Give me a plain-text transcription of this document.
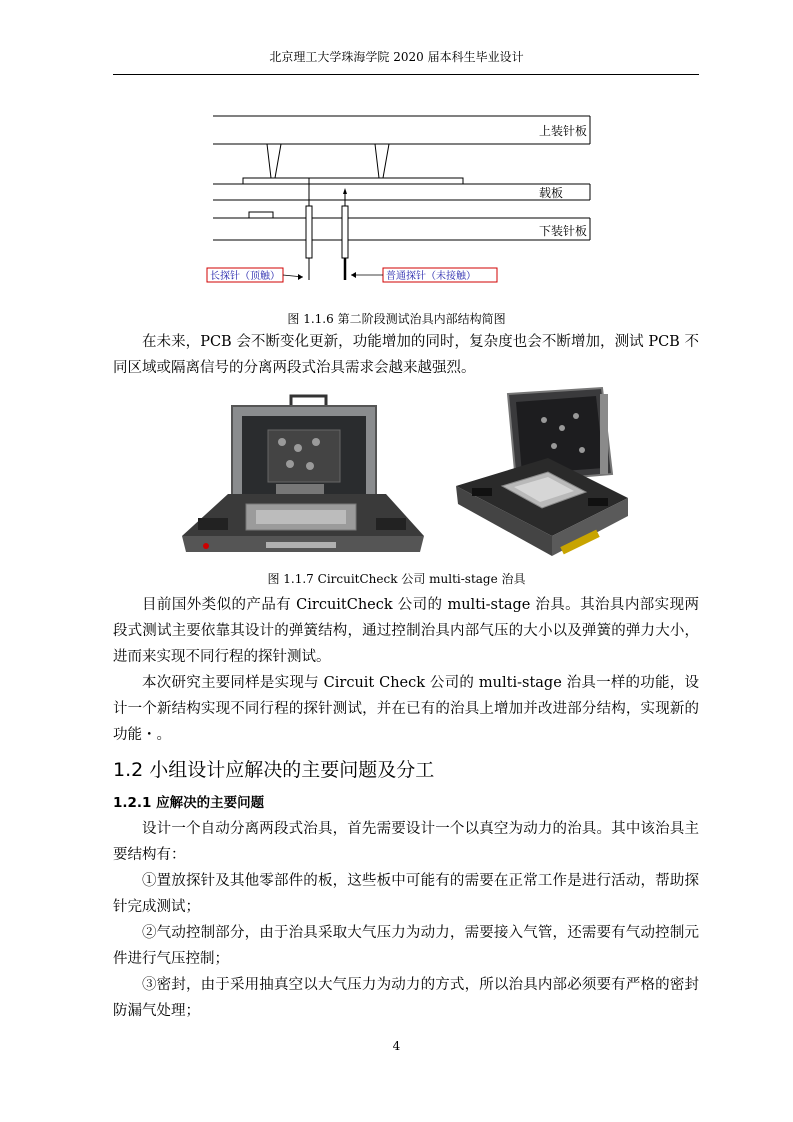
北京理工大学珠海学院 2020 届本科生毕业设计
上装针板
载板
下装针板
长探针（顶触）	普通探针（未接触）
图 1.1.6 第二阶段测试治具内部结构简图
在未来，PCB 会不断变化更新，功能增加的同时，复杂度也会不断增加，测试 PCB 不同区域或隔离信号的分离两段式治具需求会越来越强烈。
图 1.1.7 CircuitCheck 公司 multi-stage 治具
目前国外类似的产品有 CircuitCheck 公司的 multi-stage 治具。其治具内部实现两段式测试主要依靠其设计的弹簧结构，通过控制治具内部气压的大小以及弹簧的弹力大小，进而来实现不同行程的探针测试。
本次研究主要同样是实现与 Circuit Check 公司的 multi-stage 治具一样的功能，设计一个新结构实现不同行程的探针测试，并在已有的治具上增加并改进部分结构，实现新的功能・。
1.2 小组设计应解决的主要问题及分工
1.2.1 应解决的主要问题
设计一个自动分离两段式治具，首先需要设计一个以真空为动力的治具。其中该治具主要结构有：
①置放探针及其他零部件的板，这些板中可能有的需要在正常工作是进行活动，帮助探针完成测试；
②气动控制部分，由于治具采取大气压力为动力，需要接入气管，还需要有气动控制元件进行气压控制；
③密封，由于采用抽真空以大气压力为动力的方式，所以治具内部必须要有严格的密封防漏气处理；
4
